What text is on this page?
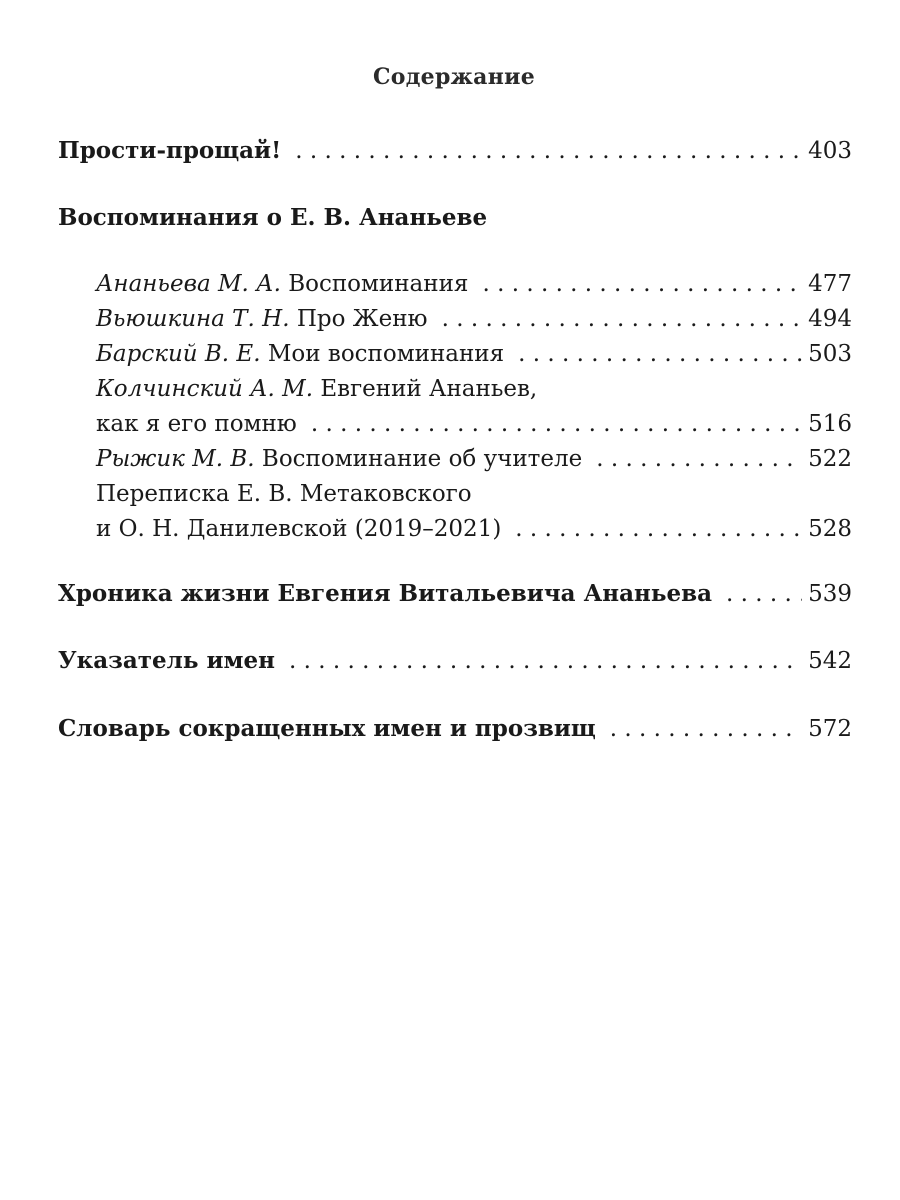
Содержание
Прости-прощай! . . .	403
Воспоминания о Е. В. Ананьеве
Ананьева М. А. Воспоминания . . .	477
Вьюшкина Т. Н. Про Женю . . .	494
Барский В. Е. Мои воспоминания . . .	503
Колчинский А. М. Евгений Ананьев,
как я его помню . . .	516
Рыжик М. В. Воспоминание об учителе . . .	522
Переписка Е. В. Метаковского
и О. Н. Данилевской (2019–2021) . . .	528
Хроника жизни Евгения Витальевича Ананьева . . .	539
Указатель имен . . .	542
Словарь сокращенных имен и прозвищ . . .	572
